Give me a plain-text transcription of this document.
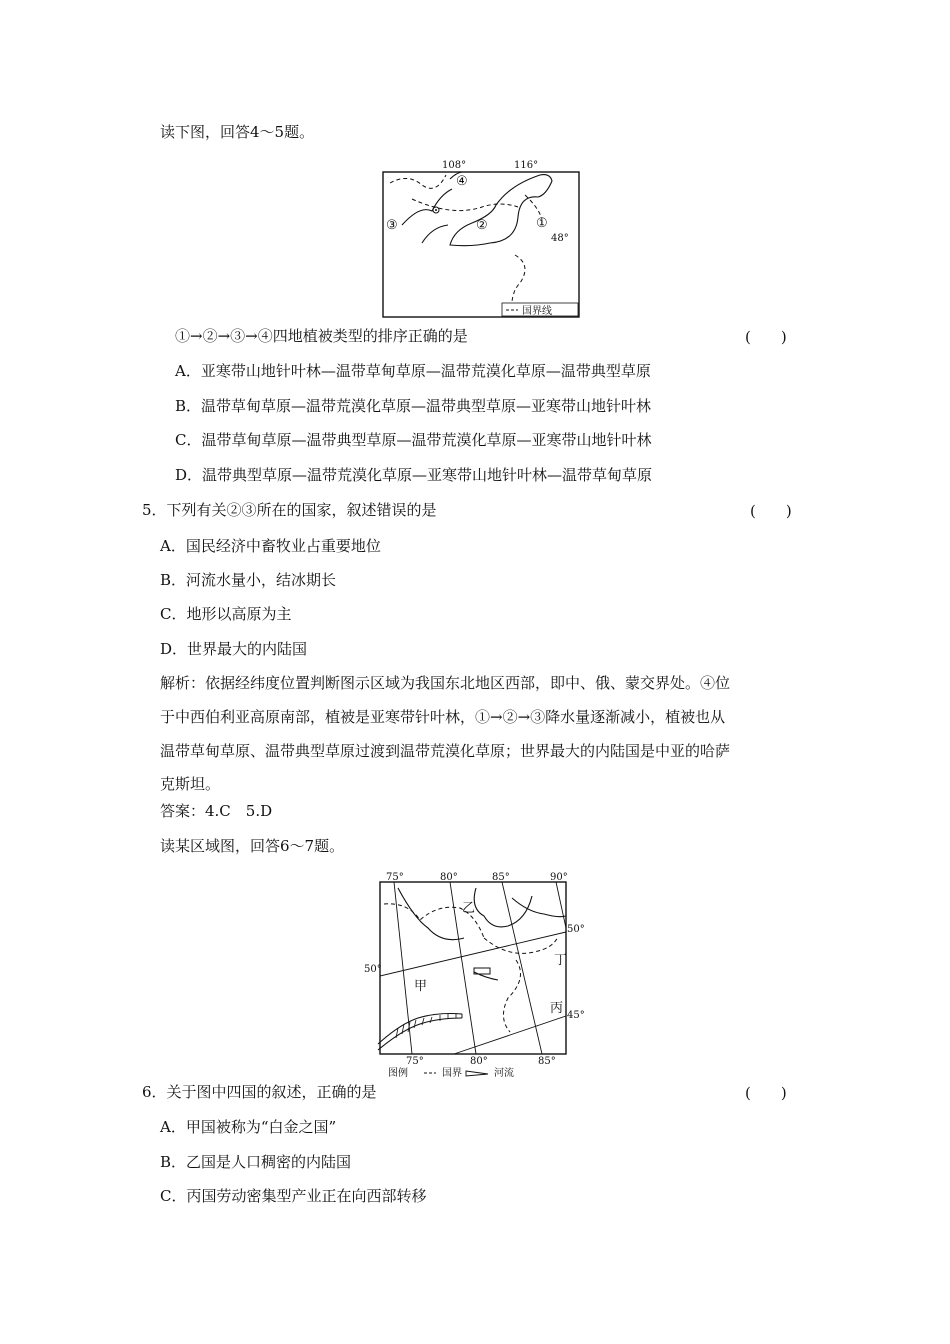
读下图，回答4～5题。
108°	116°
48°
④
①
③	②
国界线
①→②→③→④四地植被类型的排序正确的是	(　　)
A．亚寒带山地针叶林—温带草甸草原—温带荒漠化草原—温带典型草原
B．温带草甸草原—温带荒漠化草原—温带典型草原—亚寒带山地针叶林
C．温带草甸草原—温带典型草原—温带荒漠化草原—亚寒带山地针叶林
D．温带典型草原—温带荒漠化草原—亚寒带山地针叶林—温带草甸草原
5．下列有关②③所在的国家，叙述错误的是	(　　)
A．国民经济中畜牧业占重要地位
B．河流水量小，结冰期长
C．地形以高原为主
D．世界最大的内陆国
解析：依据经纬度位置判断图示区域为我国东北地区西部，即中、俄、蒙交界处。④位
于中西伯利亚高原南部，植被是亚寒带针叶林，①→②→③降水量逐渐减小，植被也从
温带草甸草原、温带典型草原过渡到温带荒漠化草原；世界最大的内陆国是中亚的哈萨
克斯坦。
答案：4.C　5.D
读某区域图，回答6～7题。
75°	80°	85°	90°
75°	80°	85°
50°
50°
45°
乙
丁
甲
丙
图例	国界	河流
6．关于图中四国的叙述，正确的是	(　　)
A．甲国被称为“白金之国”
B．乙国是人口稠密的内陆国
C．丙国劳动密集型产业正在向西部转移
